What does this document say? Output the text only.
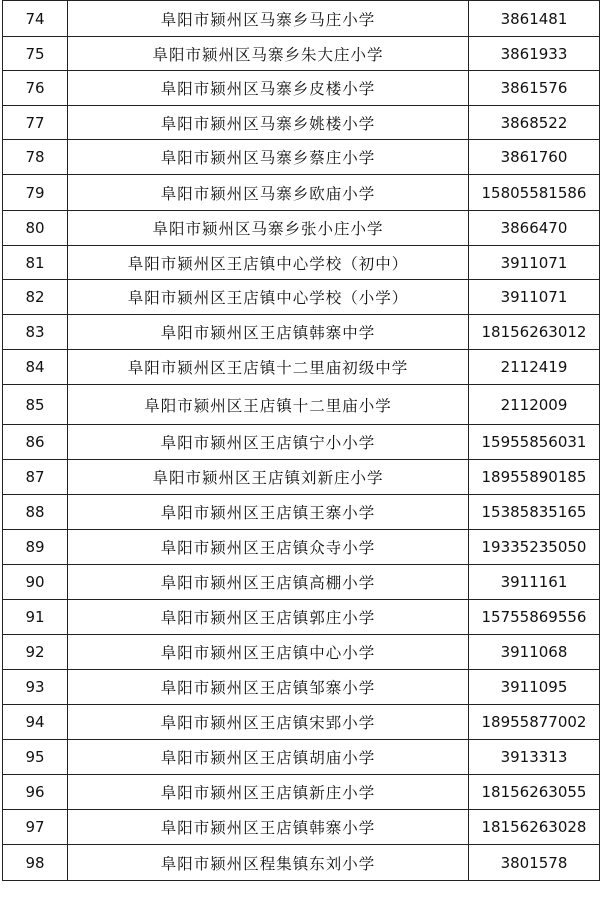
74	阜阳市颍州区马寨乡马庄小学	3861481
75	阜阳市颍州区马寨乡朱大庄小学	3861933
76	阜阳市颍州区马寨乡皮楼小学	3861576
77	阜阳市颍州区马寨乡姚楼小学	3868522
78	阜阳市颍州区马寨乡蔡庄小学	3861760
79	阜阳市颍州区马寨乡欧庙小学	15805581586
80	阜阳市颍州区马寨乡张小庄小学	3866470
81	阜阳市颍州区王店镇中心学校（初中）	3911071
82	阜阳市颍州区王店镇中心学校（小学）	3911071
83	阜阳市颍州区王店镇韩寨中学	18156263012
84	阜阳市颍州区王店镇十二里庙初级中学	2112419
85	阜阳市颍州区王店镇十二里庙小学	2112009
86	阜阳市颍州区王店镇宁小小学	15955856031
87	阜阳市颍州区王店镇刘新庄小学	18955890185
88	阜阳市颍州区王店镇王寨小学	15385835165
89	阜阳市颍州区王店镇众寺小学	19335235050
90	阜阳市颍州区王店镇高棚小学	3911161
91	阜阳市颍州区王店镇郭庄小学	15755869556
92	阜阳市颍州区王店镇中心小学	3911068
93	阜阳市颍州区王店镇邹寨小学	3911095
94	阜阳市颍州区王店镇宋郢小学	18955877002
95	阜阳市颍州区王店镇胡庙小学	3913313
96	阜阳市颍州区王店镇新庄小学	18156263055
97	阜阳市颍州区王店镇韩寨小学	18156263028
98	阜阳市颍州区程集镇东刘小学	3801578
